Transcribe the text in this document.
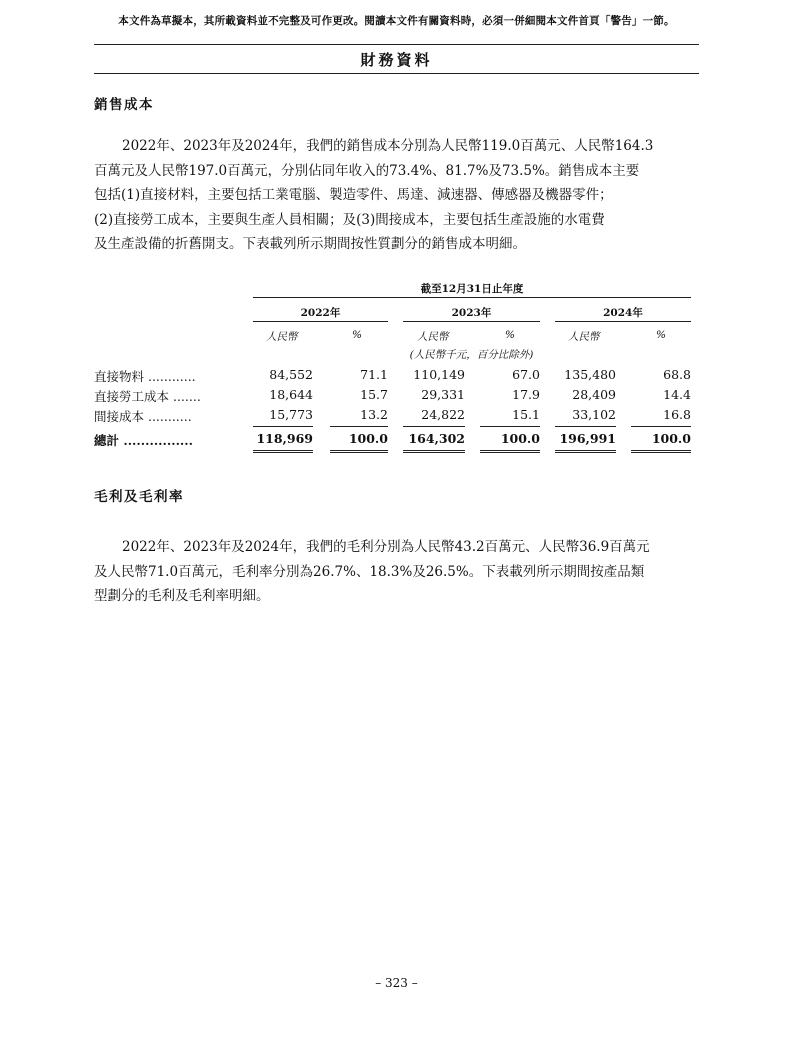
本文件為草擬本，其所載資料並不完整及可作更改。閱讀本文件有關資料時，必須一併細閱本文件首頁「警告」一節。
財務資料
銷售成本
2022年、2023年及2024年，我們的銷售成本分別為人民幣119.0百萬元、人民幣164.3
百萬元及人民幣197.0百萬元，分別佔同年收入的73.4%、81.7%及73.5%。銷售成本主要
包括(1)直接材料，主要包括工業電腦、製造零件、馬達、減速器、傳感器及機器零件；
(2)直接勞工成本，主要與生產人員相關；及(3)間接成本，主要包括生產設施的水電費
及生產設備的折舊開支。下表載列所示期間按性質劃分的銷售成本明細。
截至12月31日止年度
2022年	2023年	2024年
人民幣	%	人民幣	%	人民幣	%
(人民幣千元，百分比除外)
直接物料 ............	84,552	71.1	110,149	67.0	135,480	68.8
直接勞工成本 .......	18,644	15.7	29,331	17.9	28,409	14.4
間接成本 ...........	15,773	13.2	24,822	15.1	33,102	16.8
總計 ................	118,969	100.0	164,302	100.0	196,991	100.0
毛利及毛利率
2022年、2023年及2024年，我們的毛利分別為人民幣43.2百萬元、人民幣36.9百萬元
及人民幣71.0百萬元，毛利率分別為26.7%、18.3%及26.5%。下表載列所示期間按產品類
型劃分的毛利及毛利率明細。
– 323 –
